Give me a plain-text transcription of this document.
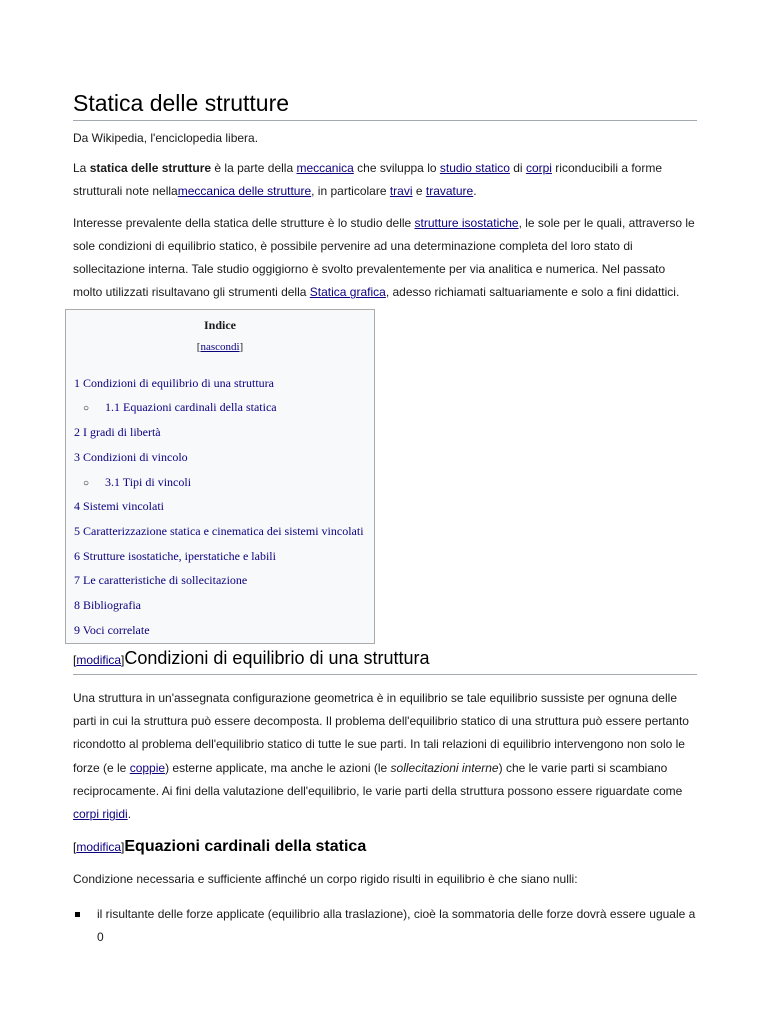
Statica delle strutture
Da Wikipedia, l'enciclopedia libera.

La statica delle strutture è la parte della meccanica che sviluppa lo studio statico di corpi riconducibili a forme strutturali note nellameccanica delle strutture, in particolare travi e travature.

Interesse prevalente della statica delle strutture è lo studio delle strutture isostatiche, le sole per le quali, attraverso le sole condizioni di equilibrio statico, è possibile pervenire ad una determinazione completa del loro stato di sollecitazione interna. Tale studio oggigiorno è svolto prevalentemente per via analitica e numerica. Nel passato molto utilizzati risultavano gli strumenti della Statica grafica, adesso richiamati saltuariamente e solo a fini didattici.

Indice
[nascondi]
1 Condizioni di equilibrio di una struttura
○ 1.1 Equazioni cardinali della statica
2 I gradi di libertà
3 Condizioni di vincolo
○ 3.1 Tipi di vincoli
4 Sistemi vincolati
5 Caratterizzazione statica e cinematica dei sistemi vincolati
6 Strutture isostatiche, iperstatiche e labili
7 Le caratteristiche di sollecitazione
8 Bibliografia
9 Voci correlate
[modifica]Condizioni di equilibrio di una struttura

Una struttura in un'assegnata configurazione geometrica è in equilibrio se tale equilibrio sussiste per ognuna delle parti in cui la struttura può essere decomposta. Il problema dell'equilibrio statico di una struttura può essere pertanto ricondotto al problema dell'equilibrio statico di tutte le sue parti. In tali relazioni di equilibrio intervengono non solo le forze (e le coppie) esterne applicate, ma anche le azioni (le sollecitazioni interne) che le varie parti si scambiano reciprocamente. Ai fini della valutazione dell'equilibrio, le varie parti della struttura possono essere riguardate come corpi rigidi.

[modifica]Equazioni cardinali della statica

Condizione necessaria e sufficiente affinché un corpo rigido risulti in equilibrio è che siano nulli:

il risultante delle forze applicate (equilibrio alla traslazione), cioè la sommatoria delle forze dovrà essere uguale a 0
